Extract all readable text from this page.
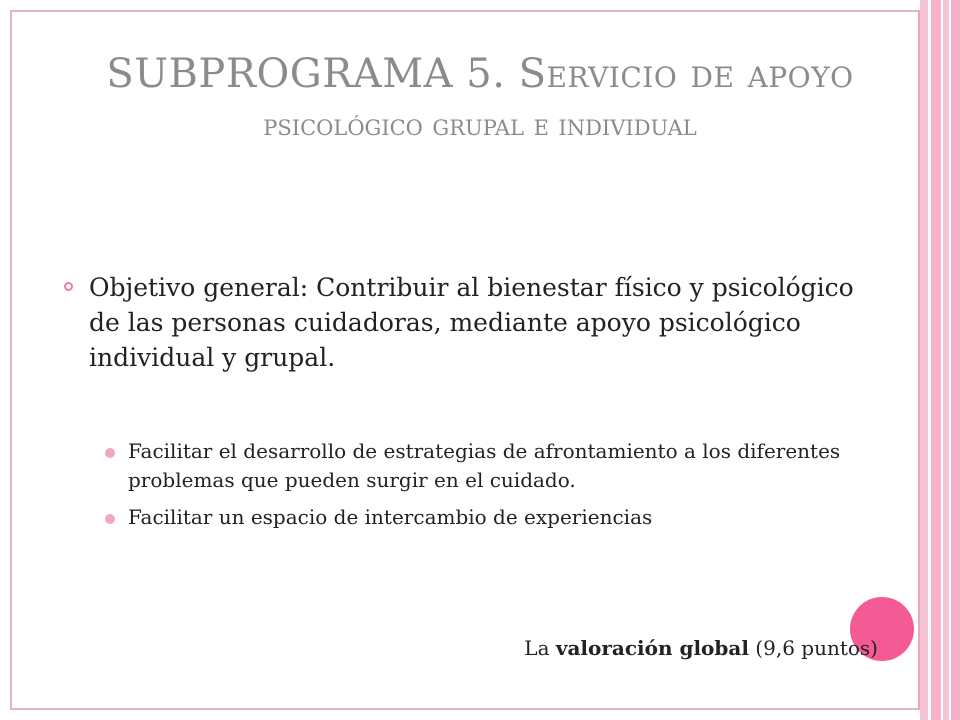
SUBPROGRAMA 5. Servicio de apoyo
psicológico grupal e individual
Objetivo general: Contribuir al bienestar físico y psicológico de las personas cuidadoras, mediante apoyo psicológico individual y grupal.
Facilitar el desarrollo de estrategias de afrontamiento a los diferentes problemas que pueden surgir en el cuidado.
Facilitar un espacio de intercambio de experiencias
La valoración global (9,6 puntos)
